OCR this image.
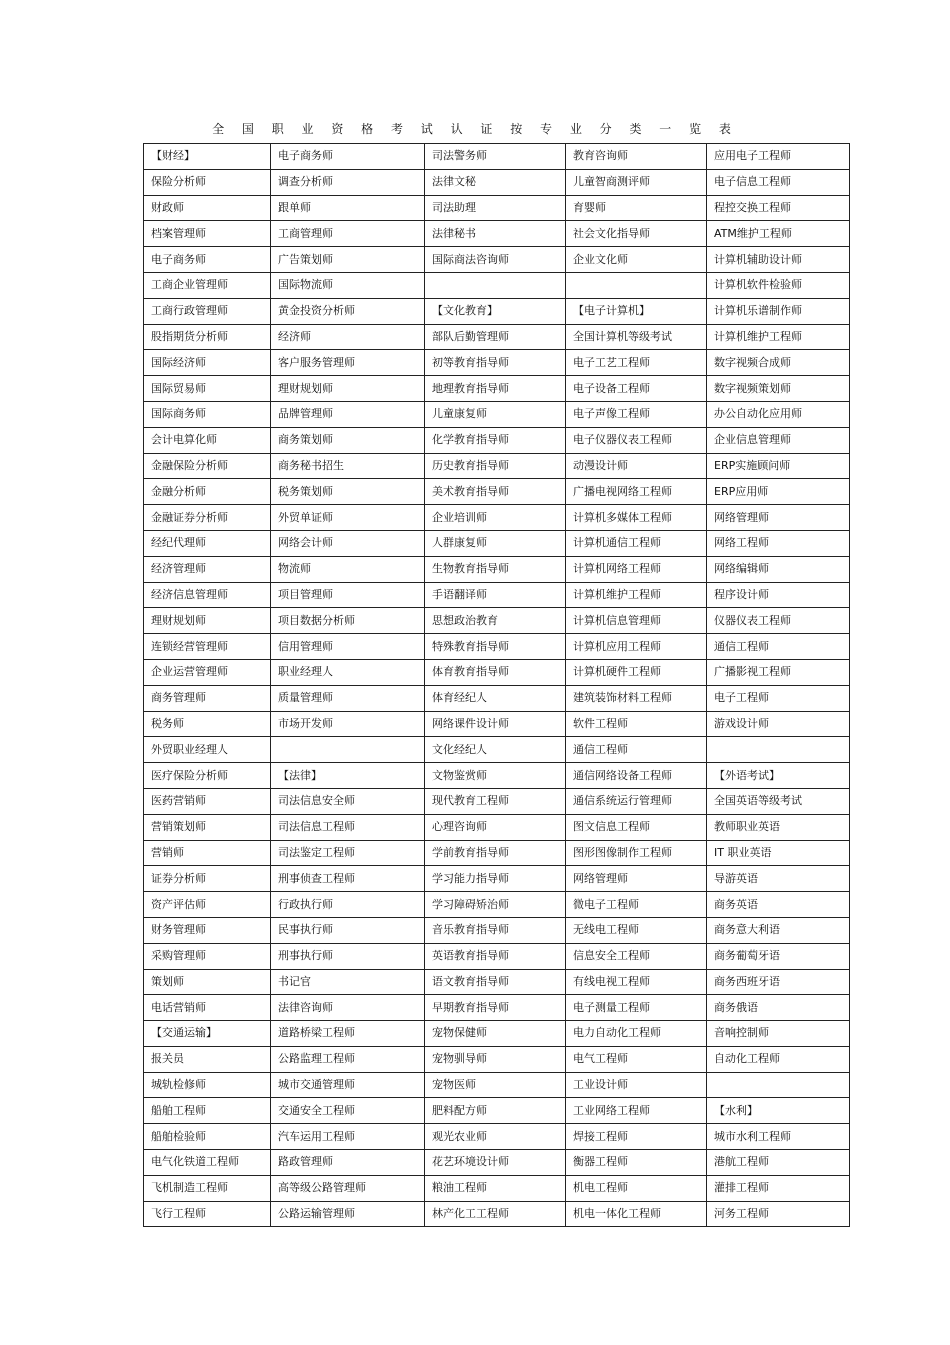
全 国 职 业 资 格 考 试 认 证 按 专 业 分 类 一 览 表
【财经】	电子商务师	司法警务师	教育咨询师	应用电子工程师
保险分析师	调查分析师	法律文秘	儿童智商测评师	电子信息工程师
财政师	跟单师	司法助理	育婴师	程控交换工程师
档案管理师	工商管理师	法律秘书	社会文化指导师	ATM维护工程师
电子商务师	广告策划师	国际商法咨询师	企业文化师	计算机辅助设计师
工商企业管理师	国际物流师			计算机软件检验师
工商行政管理师	黄金投资分析师	【文化教育】	【电子计算机】	计算机乐谱制作师
股指期货分析师	经济师	部队后勤管理师	全国计算机等级考试	计算机维护工程师
国际经济师	客户服务管理师	初等教育指导师	电子工艺工程师	数字视频合成师
国际贸易师	理财规划师	地理教育指导师	电子设备工程师	数字视频策划师
国际商务师	品牌管理师	儿童康复师	电子声像工程师	办公自动化应用师
会计电算化师	商务策划师	化学教育指导师	电子仪器仪表工程师	企业信息管理师
金融保险分析师	商务秘书招生	历史教育指导师	动漫设计师	ERP实施顾问师
金融分析师	税务策划师	美术教育指导师	广播电视网络工程师	ERP应用师
金融证券分析师	外贸单证师	企业培训师	计算机多媒体工程师	网络管理师
经纪代理师	网络会计师	人群康复师	计算机通信工程师	网络工程师
经济管理师	物流师	生物教育指导师	计算机网络工程师	网络编辑师
经济信息管理师	项目管理师	手语翻译师	计算机维护工程师	程序设计师
理财规划师	项目数据分析师	思想政治教育	计算机信息管理师	仪器仪表工程师
连锁经营管理师	信用管理师	特殊教育指导师	计算机应用工程师	通信工程师
企业运营管理师	职业经理人	体育教育指导师	计算机硬件工程师	广播影视工程师
商务管理师	质量管理师	体育经纪人	建筑装饰材料工程师	电子工程师
税务师	市场开发师	网络课件设计师	软件工程师	游戏设计师
外贸职业经理人		文化经纪人	通信工程师	
医疗保险分析师	【法律】	文物鉴赏师	通信网络设备工程师	【外语考试】
医药营销师	司法信息安全师	现代教育工程师	通信系统运行管理师	全国英语等级考试
营销策划师	司法信息工程师	心理咨询师	图文信息工程师	教师职业英语
营销师	司法鉴定工程师	学前教育指导师	图形图像制作工程师	IT 职业英语
证券分析师	刑事侦查工程师	学习能力指导师	网络管理师	导游英语
资产评估师	行政执行师	学习障碍矫治师	微电子工程师	商务英语
财务管理师	民事执行师	音乐教育指导师	无线电工程师	商务意大利语
采购管理师	刑事执行师	英语教育指导师	信息安全工程师	商务葡萄牙语
策划师	书记官	语文教育指导师	有线电视工程师	商务西班牙语
电话营销师	法律咨询师	早期教育指导师	电子测量工程师	商务俄语
【交通运输】	道路桥梁工程师	宠物保健师	电力自动化工程师	音响控制师
报关员	公路监理工程师	宠物驯导师	电气工程师	自动化工程师
城轨检修师	城市交通管理师	宠物医师	工业设计师	
船舶工程师	交通安全工程师	肥料配方师	工业网络工程师	【水利】
船舶检验师	汽车运用工程师	观光农业师	焊接工程师	城市水利工程师
电气化铁道工程师	路政管理师	花艺环境设计师	衡器工程师	港航工程师
飞机制造工程师	高等级公路管理师	粮油工程师	机电工程师	灌排工程师
飞行工程师	公路运输管理师	林产化工工程师	机电一体化工程师	河务工程师
